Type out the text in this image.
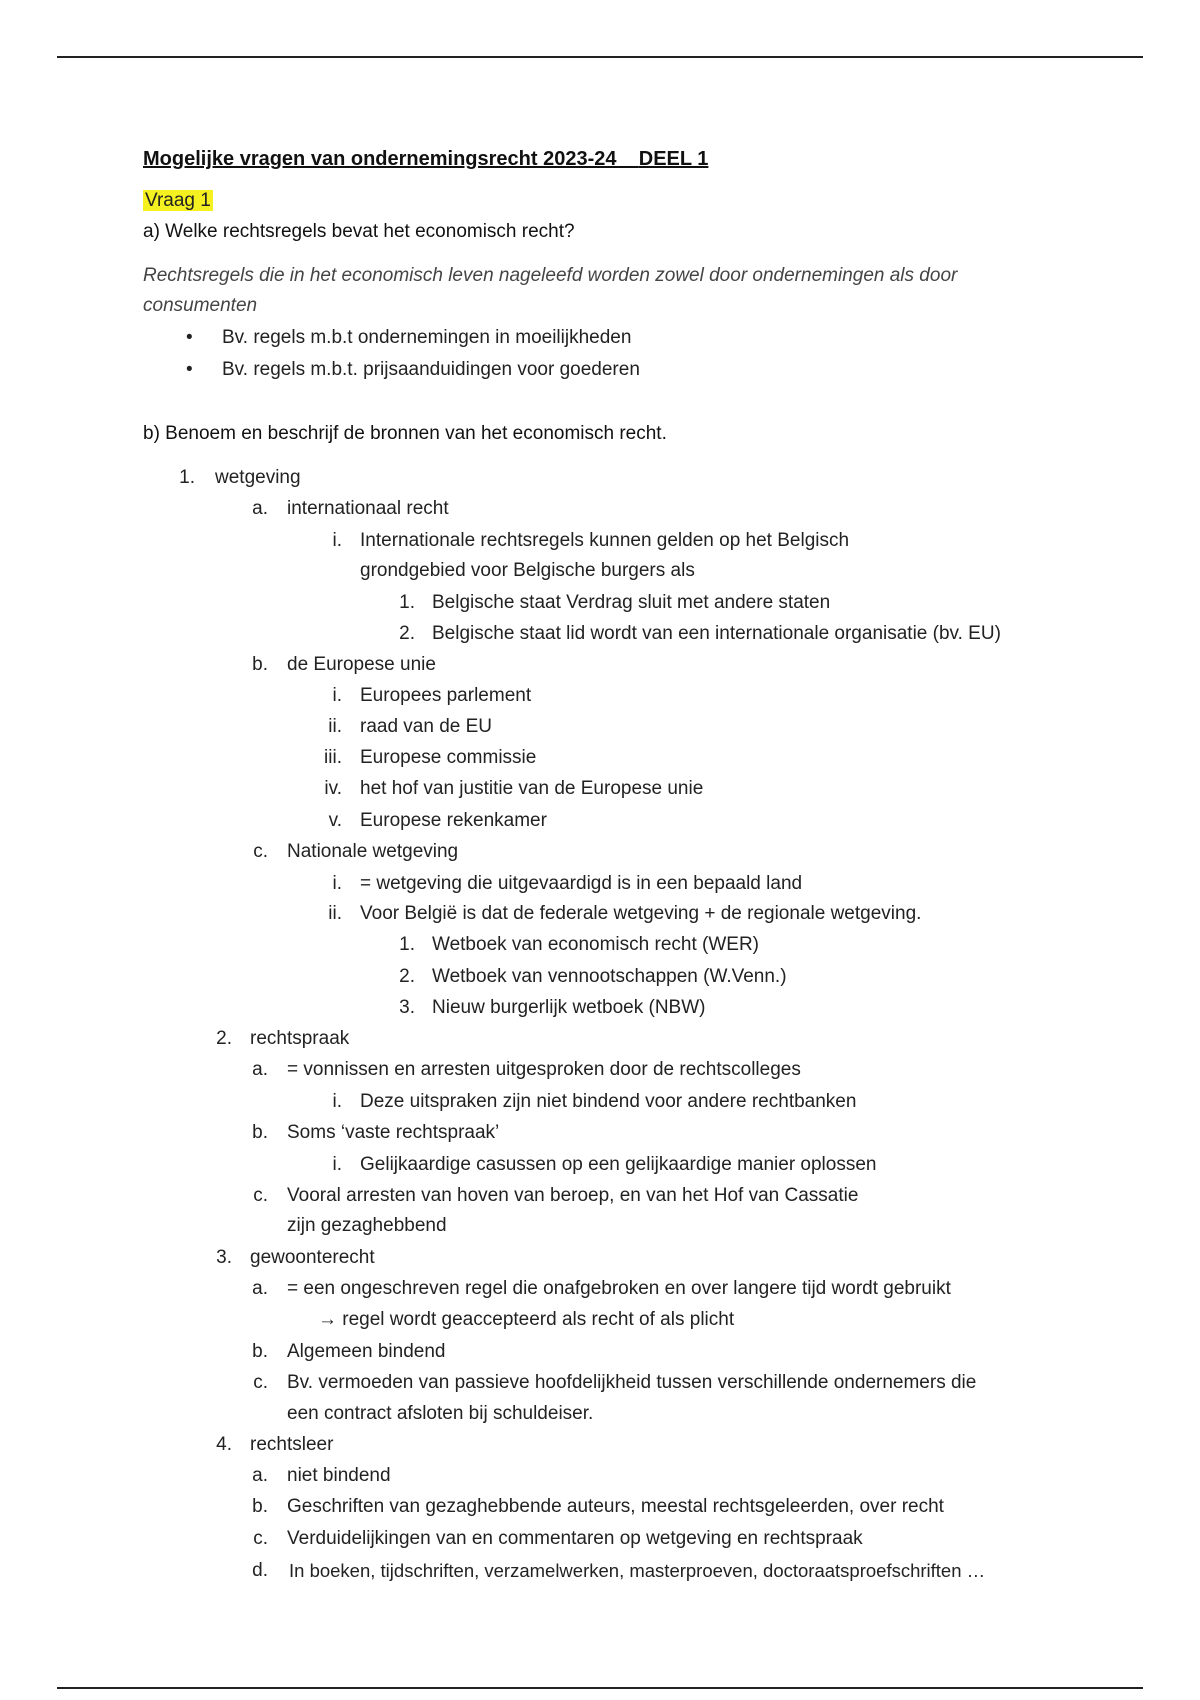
Mogelijke vragen van ondernemingsrecht 2023-24 DEEL 1
Vraag 1
a) Welke rechtsregels bevat het economisch recht?
Rechtsregels die in het economisch leven nageleefd worden zowel door ondernemingen als door
consumenten
• Bv. regels m.b.t ondernemingen in moeilijkheden
• Bv. regels m.b.t. prijsaanduidingen voor goederen
b) Benoem en beschrijf de bronnen van het economisch recht.
1. wetgeving
a. internationaal recht
i. Internationale rechtsregels kunnen gelden op het Belgisch
grondgebied voor Belgische burgers als
1. Belgische staat Verdrag sluit met andere staten
2. Belgische staat lid wordt van een internationale organisatie (bv. EU)
b. de Europese unie
i. Europees parlement
ii. raad van de EU
iii. Europese commissie
iv. het hof van justitie van de Europese unie
v. Europese rekenkamer
c. Nationale wetgeving
i. = wetgeving die uitgevaardigd is in een bepaald land
ii. Voor België is dat de federale wetgeving + de regionale wetgeving.
1. Wetboek van economisch recht (WER)
2. Wetboek van vennootschappen (W.Venn.)
3. Nieuw burgerlijk wetboek (NBW)
2. rechtspraak
a. = vonnissen en arresten uitgesproken door de rechtscolleges
i. Deze uitspraken zijn niet bindend voor andere rechtbanken
b. Soms ‘vaste rechtspraak’
i. Gelijkaardige casussen op een gelijkaardige manier oplossen
c. Vooral arresten van hoven van beroep, en van het Hof van Cassatie
zijn gezaghebbend
3. gewoonterecht
a. = een ongeschreven regel die onafgebroken en over langere tijd wordt gebruikt
→ regel wordt geaccepteerd als recht of als plicht
b. Algemeen bindend
c. Bv. vermoeden van passieve hoofdelijkheid tussen verschillende ondernemers die
een contract afsloten bij schuldeiser.
4. rechtsleer
a. niet bindend
b. Geschriften van gezaghebbende auteurs, meestal rechtsgeleerden, over recht
c. Verduidelijkingen van en commentaren op wetgeving en rechtspraak
d. In boeken, tijdschriften, verzamelwerken, masterproeven, doctoraatsproefschriften …
